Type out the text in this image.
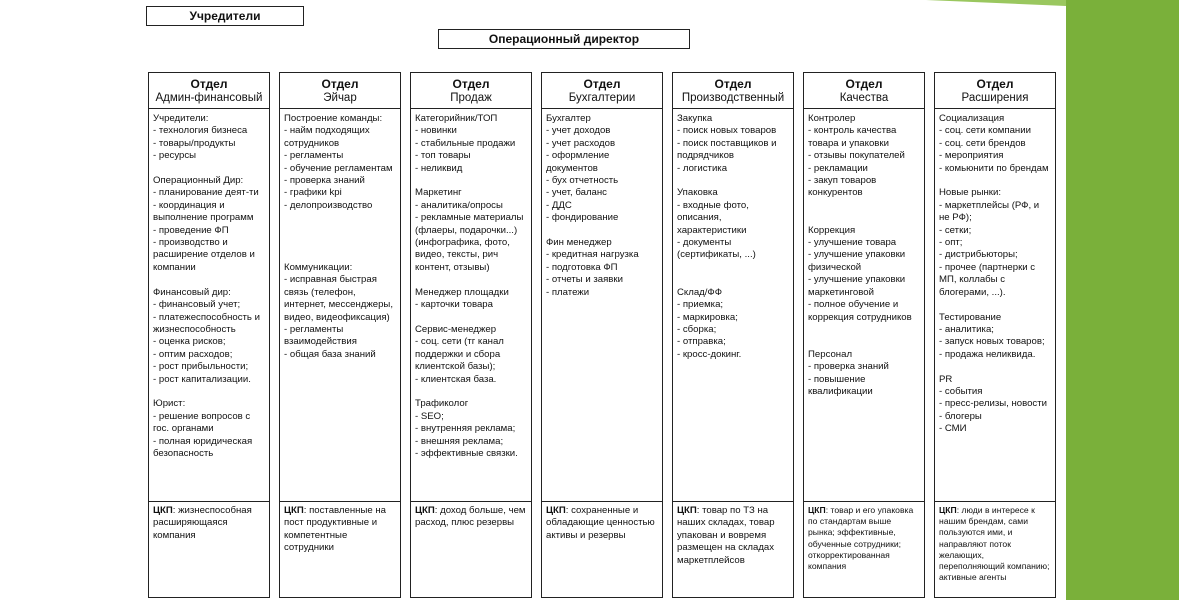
Учредители
Операционный директор
Отдел
Админ-финансовый
Учредители:
- технология бизнеса
- товары/продукты
- ресурсы

Операционный Дир:
- планирование деят-ти
- координация и выполнение программ
- проведение ФП
- производство и расширение отделов и компании

Финансовый дир:
- финансовый учет;
- платежеспособность и жизнеспособность
- оценка рисков;
- оптим расходов;
- рост прибыльности;
- рост капитализации.

Юрист:
- решение вопросов с гос. органами
- полная юридическая безопасность
ЦКП: жизнеспособная расширяющаяся компания
Отдел
Эйчар
Построение команды:
- найм подходящих сотрудников
- регламенты
- обучение регламентам
- проверка знаний
- графики kpi
- делопроизводство

Коммуникации:
- исправная быстрая связь (телефон, интернет, мессенджеры, видео, видеофиксация)
- регламенты взаимодействия
- общая база знаний
ЦКП: поставленные на пост продуктивные и компетентные сотрудники
Отдел
Продаж
Категорийник/ТОП
- новинки
- стабильные продажи
- топ товары
- неликвид

Маркетинг
- аналитика/опросы
- рекламные материалы (флаеры, подарочки...) (инфографика, фото, видео, тексты, рич контент, отзывы)

Менеджер площадки
- карточки товара

Сервис-менеджер
- соц. сети (тг канал поддержки и сбора клиентской базы);
- клиентская база.

Трафиколог
- SEO;
- внутренняя реклама;
- внешняя реклама;
- эффективные связки.
ЦКП: доход больше, чем расход, плюс резервы
Отдел
Бухгалтерии
Бухгалтер
- учет доходов
- учет расходов
- оформление документов
- бух отчетность
- учет, баланс
- ДДС
- фондирование

Фин менеджер
- кредитная нагрузка
- подготовка ФП
- отчеты и заявки
- платежи
ЦКП: сохраненные и обладающие ценностью активы и резервы
Отдел
Производственный
Закупка
- поиск новых товаров
- поиск поставщиков и подрядчиков
- логистика

Упаковка
- входные фото, описания, характеристики
- документы (сертификаты, ...)

Склад/ФФ
- приемка;
- маркировка;
- сборка;
- отправка;
- кросс-докинг.
ЦКП: товар по ТЗ на наших складах, товар упакован и вовремя размещен на складах маркетплейсов
Отдел
Качества
Контролер
- контроль качества товара и упаковки
- отзывы покупателей
- рекламации
- закуп товаров конкурентов

Коррекция
- улучшение товара
- улучшение упаковки физической
- улучшение упаковки маркетинговой
- полное обучение и коррекция сотрудников

Персонал
- проверка знаний
- повышение квалификации
ЦКП: товар и его упаковка по стандартам выше рынка; эффективные, обученные сотрудники; откорректированная компания
Отдел
Расширения
Социализация
- соц. сети компании
- соц. сети брендов
- мероприятия
- комьюнити по брендам

Новые рынки:
- маркетплейсы (РФ, и не РФ);
- сетки;
- опт;
- дистрибьюторы;
- прочее (партнерки с МП, коллабы с блогерами, ...).

Тестирование
- аналитика;
- запуск новых товаров;
- продажа неликвида.

PR
- события
- пресс-релизы, новости
- блогеры
- СМИ
ЦКП: люди в интересе к нашим брендам, сами пользуются ими, и направляют поток желающих, переполняющий компанию; активные агенты
